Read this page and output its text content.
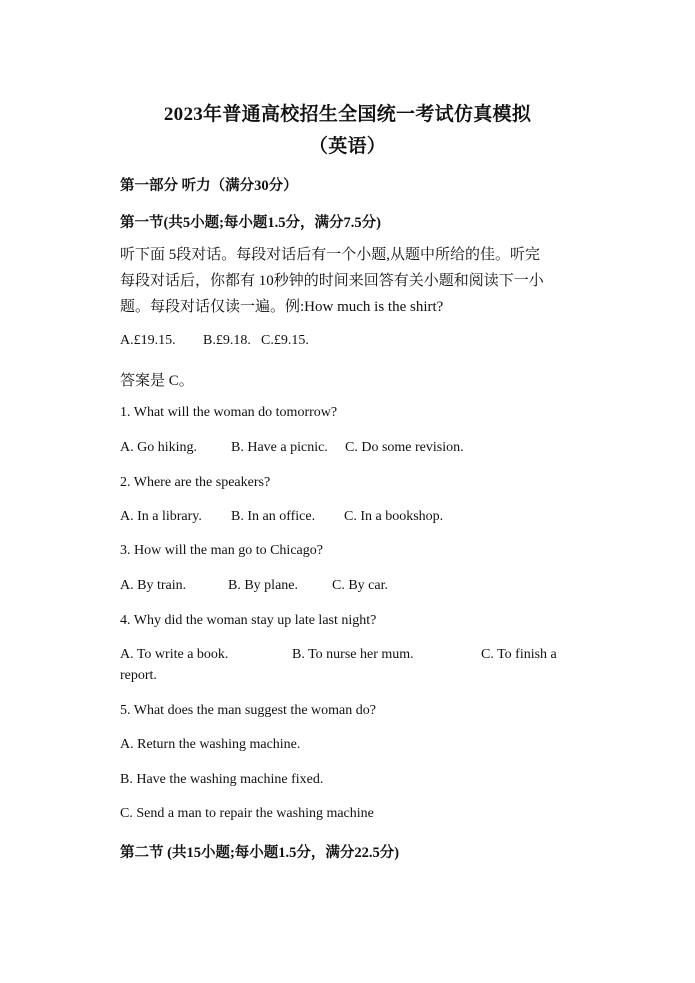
2023年普通高校招生全国统一考试仿真模拟
（英语）
第一部分 听力（满分30分）
第一节(共5小题;每小题1.5分，满分7.5分)
听下面 5段对话。每段对话后有一个小题,从题中所给的佳。听完
每段对话后，你都有 10秒钟的时间来回答有关小题和阅读下一小
题。每段对话仅读一遍。例:How much is the shirt?
A.£19.15. B.£9.18. C.£9.15.
答案是 C。
1. What will the woman do tomorrow?
A. Go hiking. B. Have a picnic. C. Do some revision.
2. Where are the speakers?
A. In a library. B. In an office. C. In a bookshop.
3. How will the man go to Chicago?
A. By train.	B. By plane. C. By car.
4. Why did the woman stay up late last night?
A. To write a book.	B. To nurse her mum.	C. To finish a
report.
5. What does the man suggest the woman do?
A. Return the washing machine.
B. Have the washing machine fixed.
C. Send a man to repair the washing machine
第二节 (共15小题;每小题1.5分，满分22.5分)
